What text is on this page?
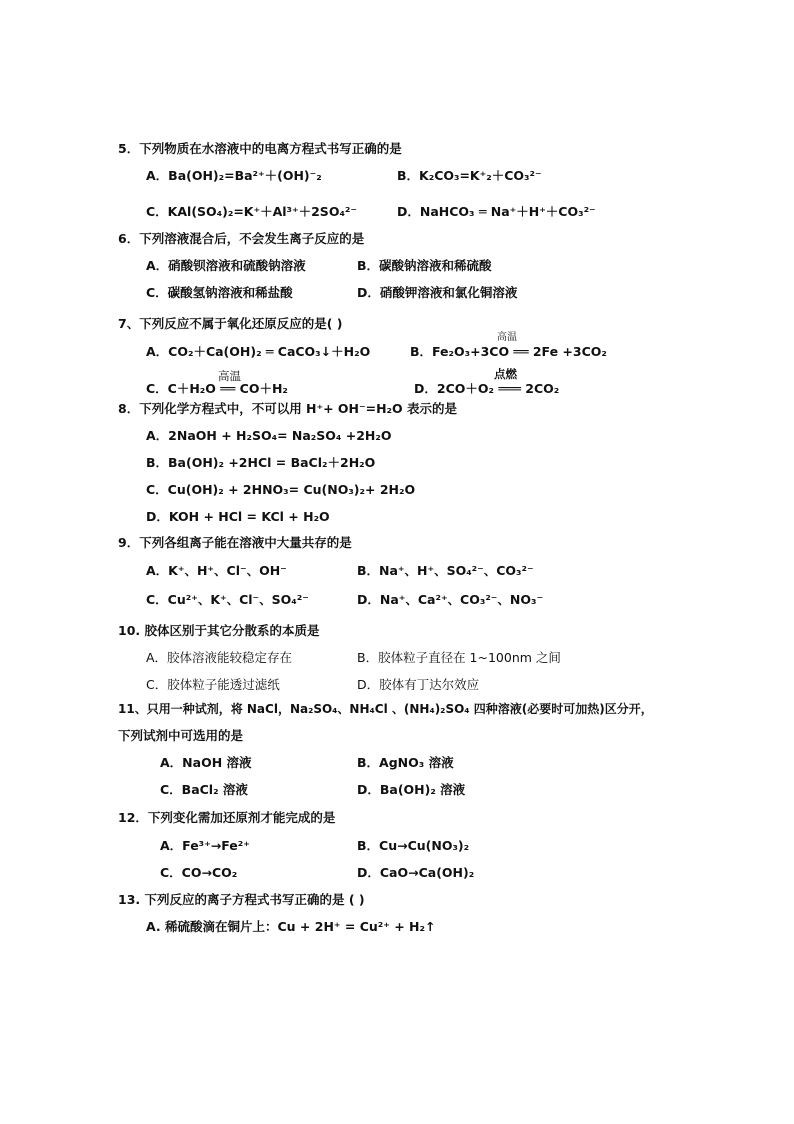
5．下列物质在水溶液中的电离方程式书写正确的是
A．Ba(OH)₂=Ba²⁺＋(OH)⁻₂	B．K₂CO₃=K⁺₂＋CO₃²⁻
C．KAl(SO₄)₂=K⁺＋Al³⁺＋2SO₄²⁻	D．NaHCO₃ ═ Na⁺＋H⁺＋CO₃²⁻
6．下列溶液混合后，不会发生离子反应的是
A．硝酸钡溶液和硫酸钠溶液	B．碳酸钠溶液和稀硫酸
C．碳酸氢钠溶液和稀盐酸	D．硝酸钾溶液和氯化铜溶液
7、下列反应不属于氧化还原反应的是( )
A．CO₂＋Ca(OH)₂ ═ CaCO₃↓＋H₂O
高温
B．Fe₂O₃+3CO ══ 2Fe +3CO₂
高温
C．C＋H₂O ══ CO＋H₂
点燃
D．2CO＋O₂ ═══ 2CO₂
8．下列化学方程式中，不可以用 H⁺+ OH⁻=H₂O 表示的是
A．2NaOH + H₂SO₄= Na₂SO₄ +2H₂O
B．Ba(OH)₂ +2HCl = BaCl₂＋2H₂O
C．Cu(OH)₂ + 2HNO₃= Cu(NO₃)₂+ 2H₂O
D．KOH + HCl = KCl + H₂O
9．下列各组离子能在溶液中大量共存的是
A．K⁺、H⁺、Cl⁻、OH⁻	B．Na⁺、H⁺、SO₄²⁻、CO₃²⁻
C．Cu²⁺、K⁺、Cl⁻、SO₄²⁻	D．Na⁺、Ca²⁺、CO₃²⁻、NO₃⁻
10. 胶体区别于其它分散系的本质是
A．胶体溶液能较稳定存在	B．胶体粒子直径在 1~100nm 之间
C．胶体粒子能透过滤纸	D．胶体有丁达尔效应
11、只用一种试剂，将 NaCl，Na₂SO₄、NH₄Cl 、(NH₄)₂SO₄ 四种溶液(必要时可加热)区分开，
下列试剂中可选用的是
A．NaOH 溶液	B．AgNO₃ 溶液
C．BaCl₂ 溶液	D．Ba(OH)₂ 溶液
12．下列变化需加还原剂才能完成的是
A．Fe³⁺→Fe²⁺	B．Cu→Cu(NO₃)₂
C．CO→CO₂	D．CaO→Ca(OH)₂
13. 下列反应的离子方程式书写正确的是 ( )
A. 稀硫酸滴在铜片上：Cu + 2H⁺ = Cu²⁺ + H₂↑
